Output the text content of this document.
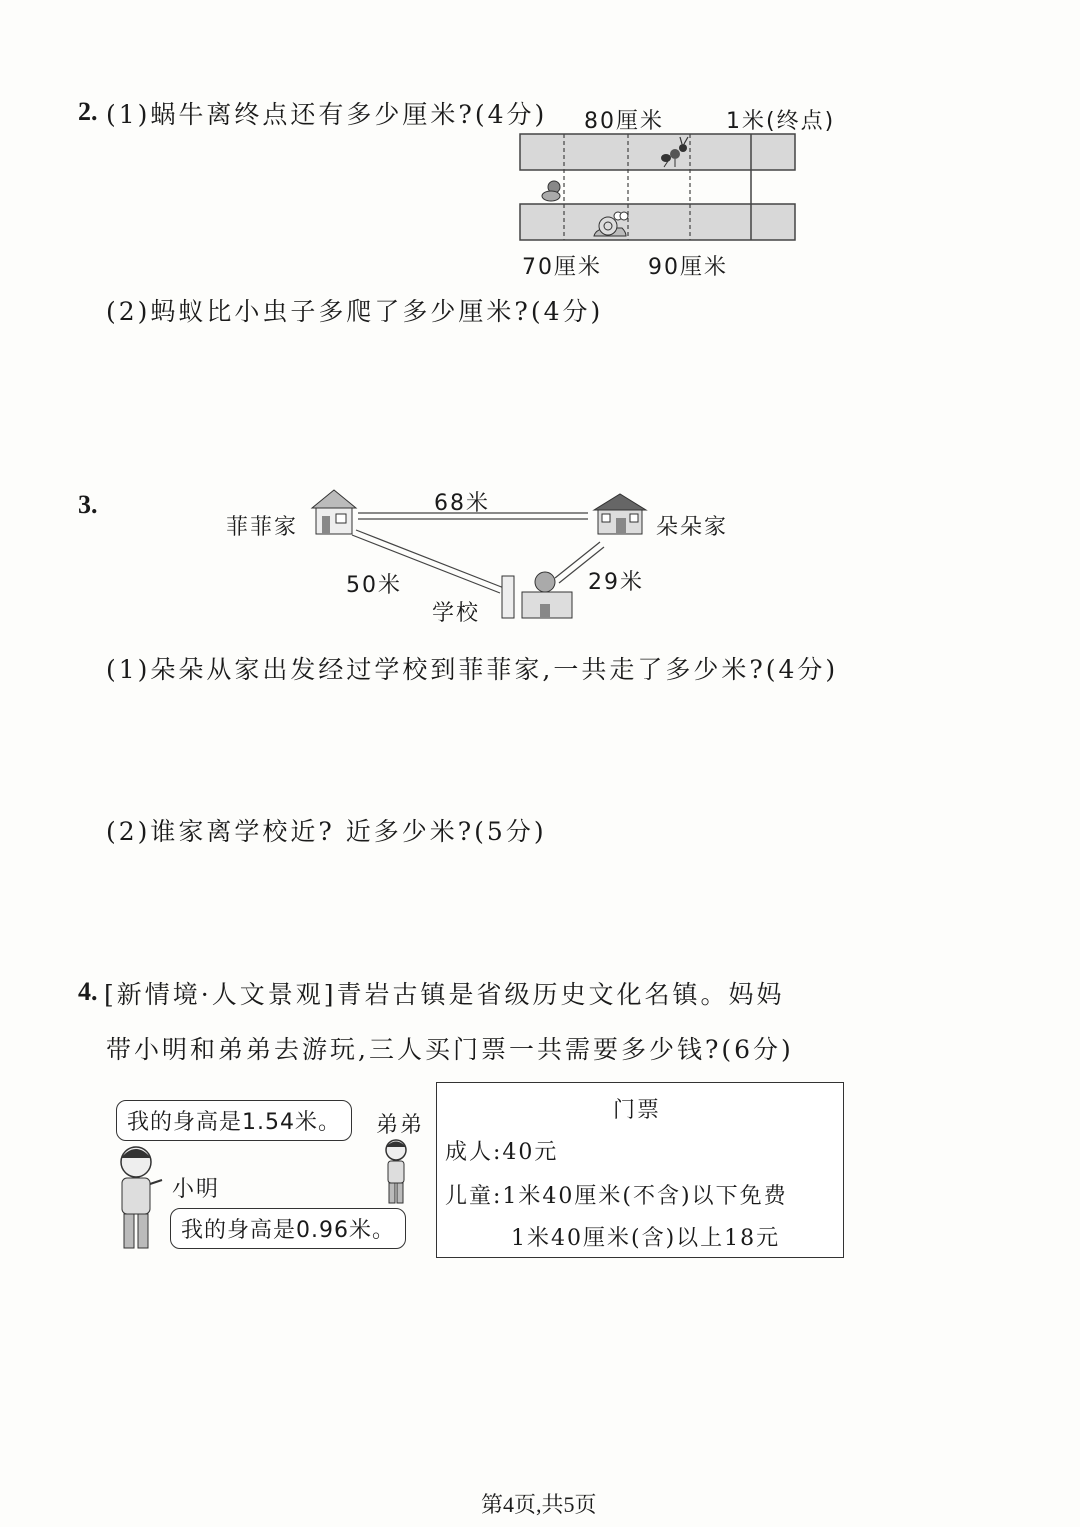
2. (1)蜗牛离终点还有多少厘米?(4分) 80厘米	1米(终点)
70厘米 90厘米
(2)蚂蚁比小虫子多爬了多少厘米?(4分)
3.
菲菲家	朵朵家
68米
50米	29米
学校
(1)朵朵从家出发经过学校到菲菲家,一共走了多少米?(4分)
(2)谁家离学校近? 近多少米?(5分)
4. [新情境·人文景观]青岩古镇是省级历史文化名镇。妈妈
带小明和弟弟去游玩,三人买门票一共需要多少钱?(6分)
我的身高是1.54米。
我的身高是0.96米。
弟弟
小明
门票
成人:40元
儿童:1米40厘米(不含)以下免费
1米40厘米(含)以上18元
第4页,共5页
